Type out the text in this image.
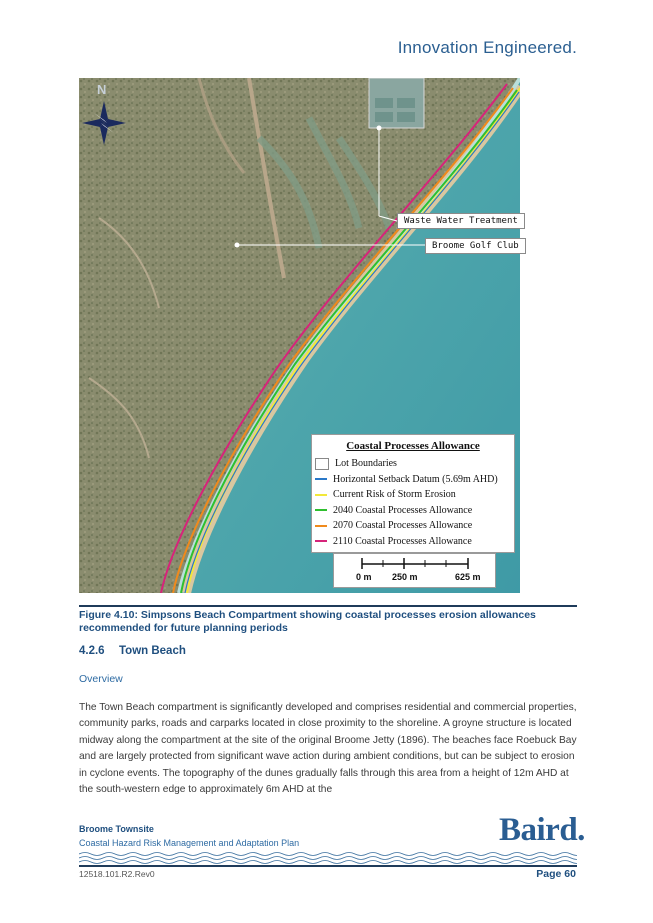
Innovation Engineered.
N
Waste Water Treatment
Broome Golf Club
Coastal Processes Allowance
Lot Boundaries
Horizontal Setback Datum (5.69m AHD)
Current Risk of Storm Erosion
2040 Coastal Processes Allowance
2070 Coastal Processes Allowance
2110 Coastal Processes Allowance
0 m 250 m	625 m
Figure 4.10: Simpsons Beach Compartment showing coastal processes erosion allowances recommended for future planning periods
4.2.6 Town Beach
Overview
The Town Beach compartment is significantly developed and comprises residential and commercial properties, community parks, roads and carparks located in close proximity to the shoreline. A groyne structure is located midway along the compartment at the site of the original Broome Jetty (1896). The beaches face Roebuck Bay and are largely protected from significant wave action during ambient conditions, but can be subject to erosion in cyclone events. The topography of the dunes gradually falls through this area from a height of 12m AHD at the south-western edge to approximately 6m AHD at the
Broome Townsite
Coastal Hazard Risk Management and Adaptation Plan	Baird.
12518.101.R2.Rev0	Page 60
